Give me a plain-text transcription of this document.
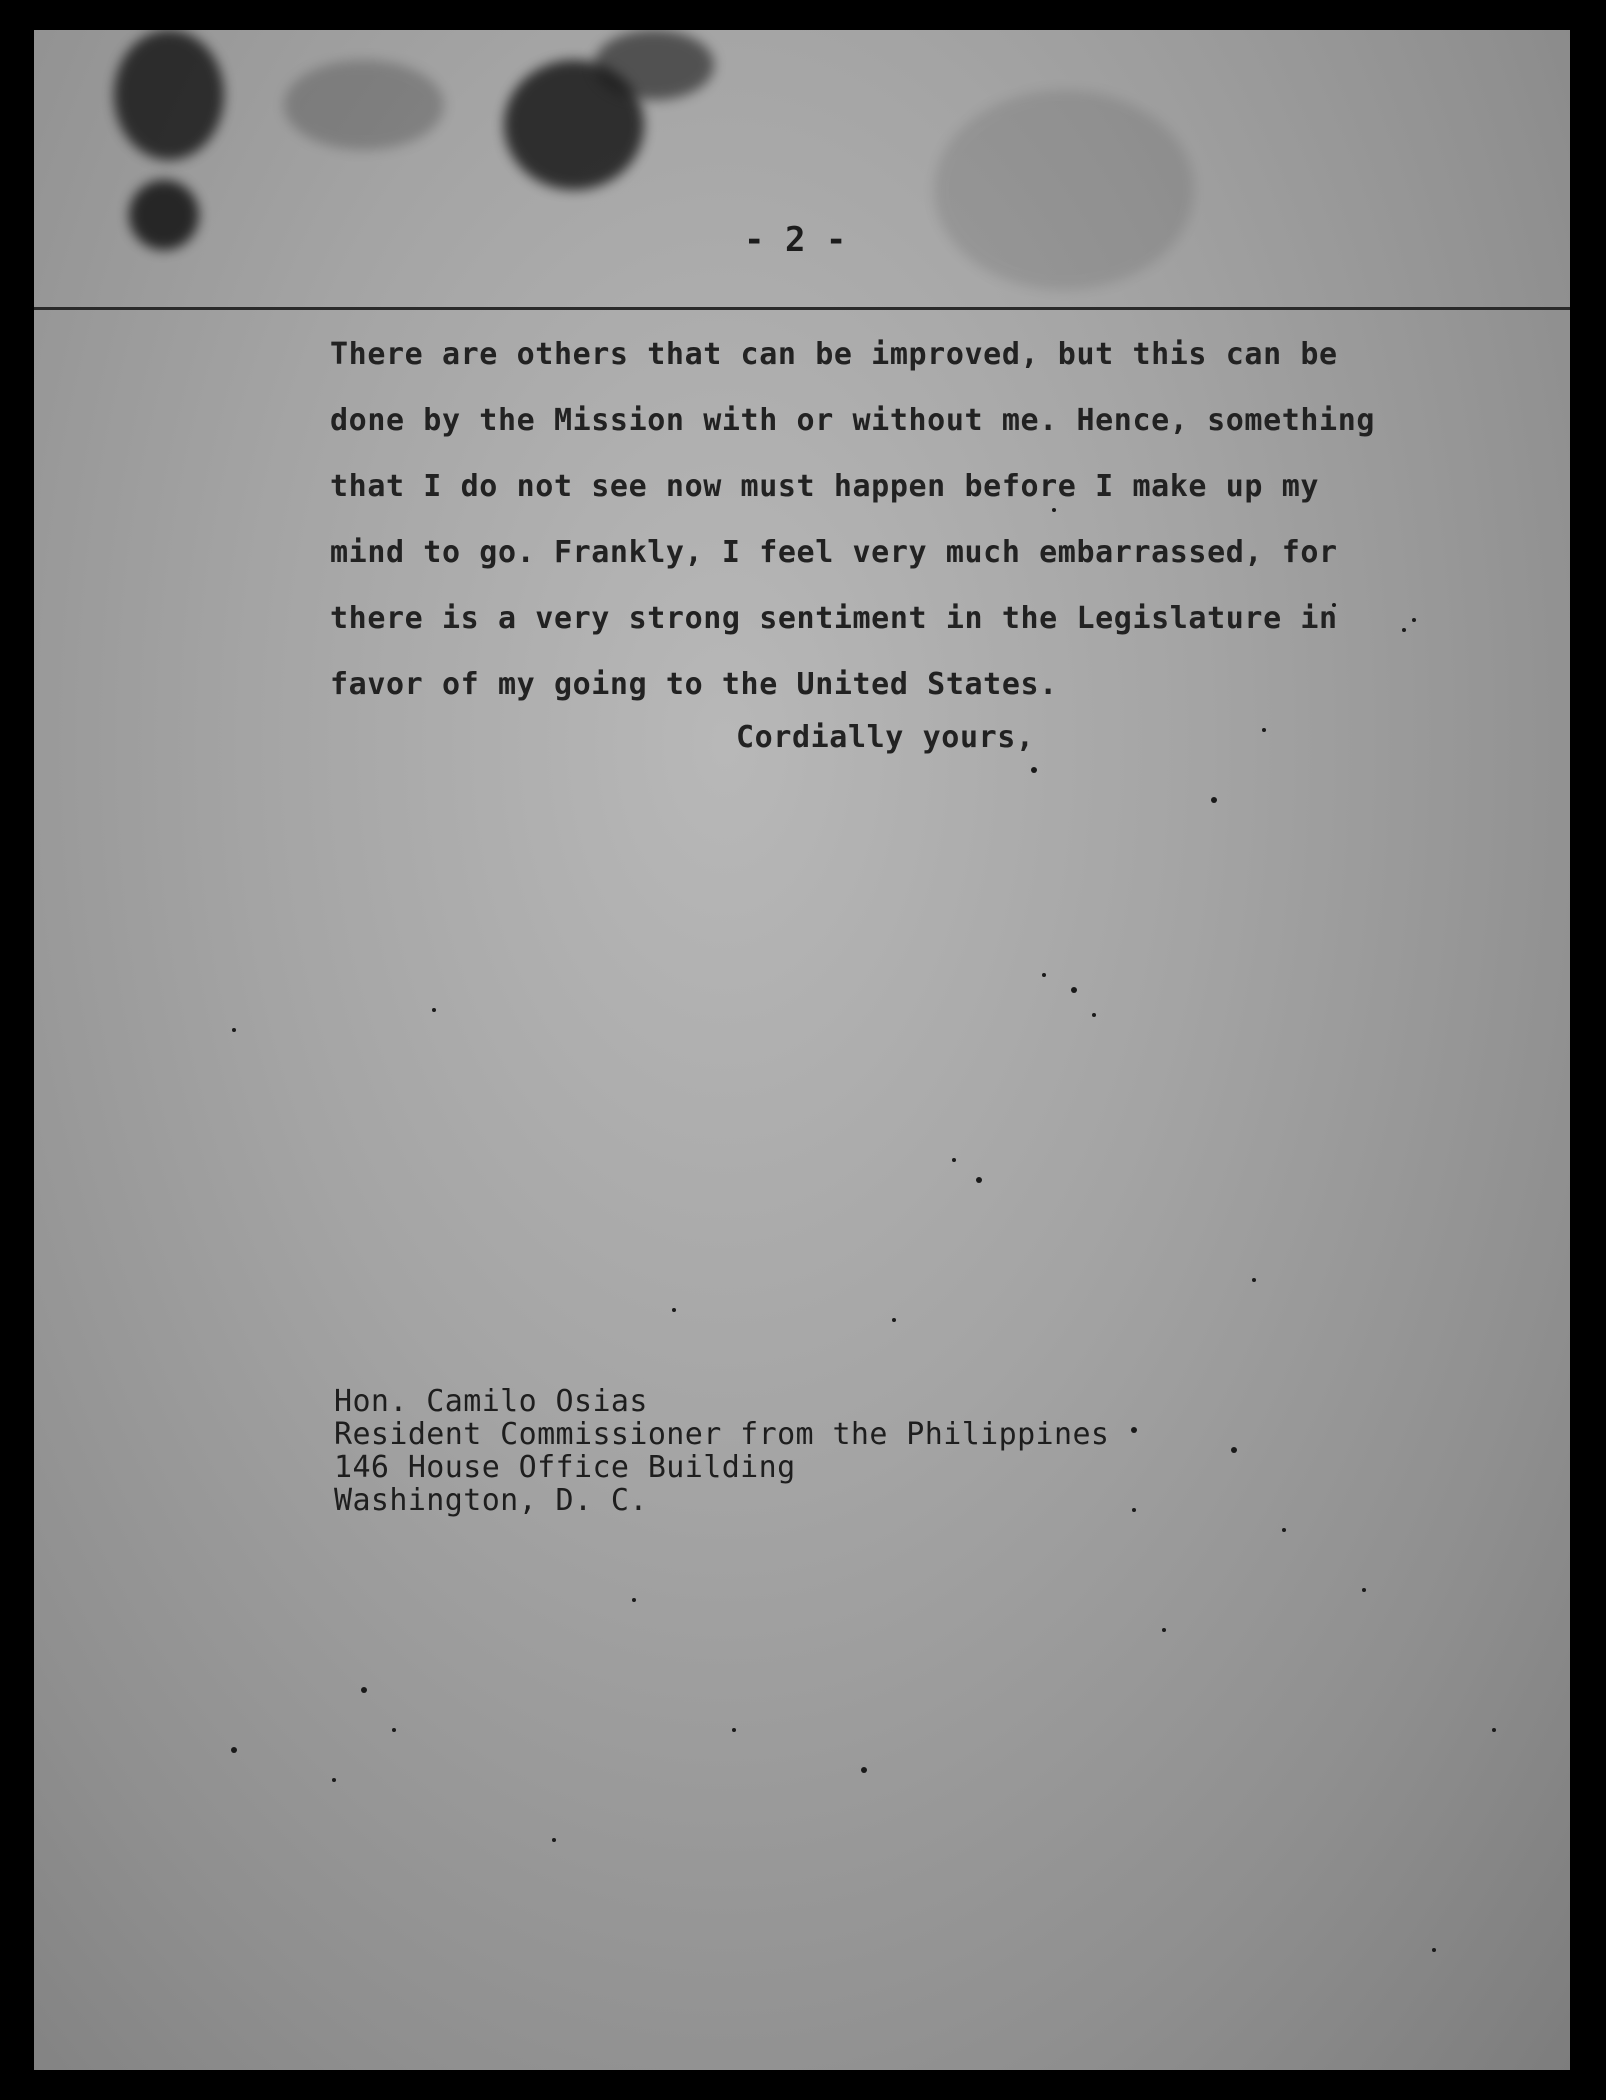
- 2 -
There are others that can be improved, but this can be
done by the Mission with or without me. Hence, something
that I do not see now must happen before I make up my
mind to go. Frankly, I feel very much embarrassed, for
there is a very strong sentiment in the Legislature in
favor of my going to the United States.
Cordially yours,
Hon. Camilo Osias
Resident Commissioner from the Philippines
146 House Office Building
Washington, D. C.
